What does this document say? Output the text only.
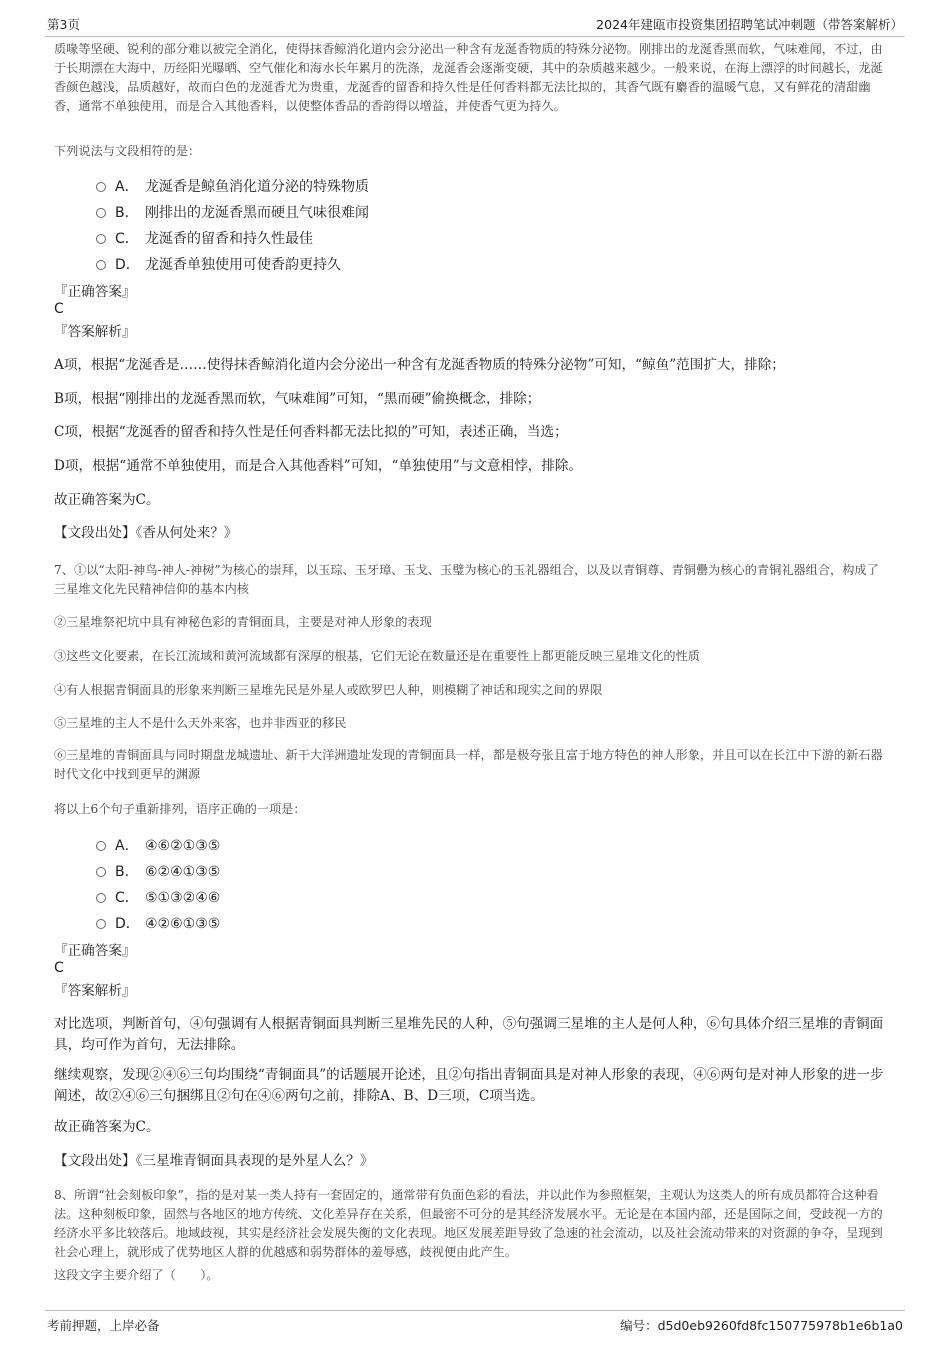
第3页	2024年建瓯市投资集团招聘笔试冲刺题（带答案解析）

质喙等坚硬、锐利的部分难以被完全消化，使得抹香鲸消化道内会分泌出一种含有龙涎香物质的特殊分泌物。刚排出的龙涎香黑而软，气味难闻，不过，由于长期漂在大海中，历经阳光曝晒、空气催化和海水长年累月的洗涤，龙涎香会逐渐变硬，其中的杂质越来越少。一般来说，在海上漂浮的时间越长，龙涎香颜色越浅，品质越好，故而白色的龙涎香尤为贵重，龙涎香的留香和持久性是任何香料都无法比拟的，其香气既有麝香的温暖气息，又有鲜花的清甜幽香，通常不单独使用，而是合入其他香料，以使整体香品的香韵得以增益，并使香气更为持久。

下列说法与文段相符的是：

A． 龙涎香是鲸鱼消化道分泌的特殊物质
B． 刚排出的龙涎香黑而硬且气味很难闻
C． 龙涎香的留香和持久性最佳
D． 龙涎香单独使用可使香韵更持久
『正确答案』
C
『答案解析』

A项，根据“龙涎香是……使得抹香鲸消化道内会分泌出一种含有龙涎香物质的特殊分泌物”可知，“鲸鱼”范围扩大，排除；

B项，根据“刚排出的龙涎香黑而软，气味难闻”可知，“黑而硬”偷换概念，排除；

C项，根据“龙涎香的留香和持久性是任何香料都无法比拟的”可知，表述正确，当选；

D项，根据“通常不单独使用，而是合入其他香料”可知，“单独使用”与文意相悖，排除。

故正确答案为C。

【文段出处】《香从何处来？》

7、①以“太阳-神鸟-神人-神树”为核心的崇拜，以玉琮、玉牙璋、玉戈、玉璧为核心的玉礼器组合，以及以青铜尊、青铜罍为核心的青铜礼器组合，构成了三星堆文化先民精神信仰的基本内核

②三星堆祭祀坑中具有神秘色彩的青铜面具，主要是对神人形象的表现

③这些文化要素，在长江流域和黄河流域都有深厚的根基，它们无论在数量还是在重要性上都更能反映三星堆文化的性质

④有人根据青铜面具的形象来判断三星堆先民是外星人或欧罗巴人种，则模糊了神话和现实之间的界限

⑤三星堆的主人不是什么天外来客，也并非西亚的移民

⑥三星堆的青铜面具与同时期盘龙城遗址、新干大洋洲遗址发现的青铜面具一样，都是极夸张且富于地方特色的神人形象，并且可以在长江中下游的新石器时代文化中找到更早的渊源

将以上6个句子重新排列，语序正确的一项是：

A． ④⑥②①③⑤
B． ⑥②④①③⑤
C． ⑤①③②④⑥
D． ④②⑥①③⑤
『正确答案』
C
『答案解析』

对比选项，判断首句，④句强调有人根据青铜面具判断三星堆先民的人种，⑤句强调三星堆的主人是何人种，⑥句具体介绍三星堆的青铜面具，均可作为首句，无法排除。

继续观察，发现②④⑥三句均围绕“青铜面具”的话题展开论述，且②句指出青铜面具是对神人形象的表现，④⑥两句是对神人形象的进一步阐述，故②④⑥三句捆绑且②句在④⑥两句之前，排除A、B、D三项，C项当选。

故正确答案为C。

【文段出处】《三星堆青铜面具表现的是外星人么？》

8、所谓“社会刻板印象”，指的是对某一类人持有一套固定的，通常带有负面色彩的看法，并以此作为参照框架，主观认为这类人的所有成员都符合这种看法。这种刻板印象，固然与各地区的地方传统、文化差异存在关系，但最密不可分的是其经济发展水平。无论是在本国内部，还是国际之间，受歧视一方的经济水平多比较落后。地域歧视，其实是经济社会发展失衡的文化表现。地区发展差距导致了急速的社会流动，以及社会流动带来的对资源的争夺，呈现到社会心理上，就形成了优势地区人群的优越感和弱势群体的羞辱感，歧视便由此产生。

这段文字主要介绍了（　　）。

考前押题，上岸必备	编号：d5d0eb9260fd8fc150775978b1e6b1a0
